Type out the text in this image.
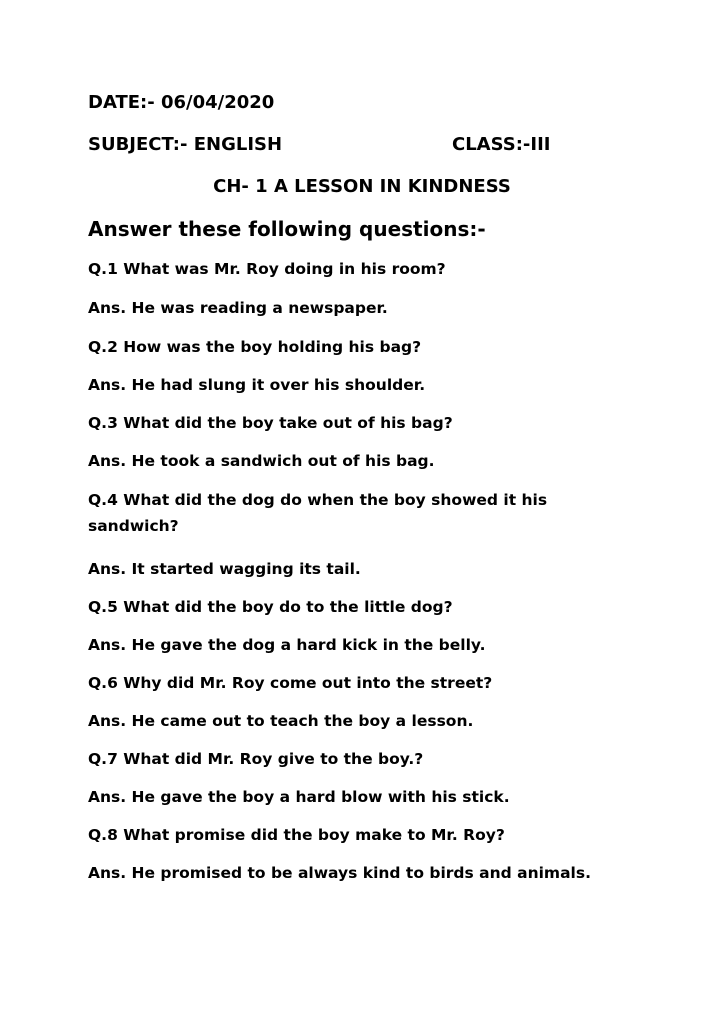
DATE:- 06/04/2020

SUBJECT:- ENGLISH	CLASS:-III

CH- 1 A LESSON IN KINDNESS

Answer these following questions:-

Q.1 What was Mr. Roy doing in his room?

Ans. He was reading a newspaper.

Q.2 How was the boy holding his bag?

Ans. He had slung it over his shoulder.

Q.3 What did the boy take out of his bag?

Ans. He took a sandwich out of his bag.

Q.4 What did the dog do when the boy showed it his sandwich?

Ans. It started wagging its tail.

Q.5 What did the boy do to the little dog?

Ans. He gave the dog a hard kick in the belly.

Q.6 Why did Mr. Roy come out into the street?

Ans. He came out to teach the boy a lesson.

Q.7 What did Mr. Roy give to the boy.?

Ans. He gave the boy a hard blow with his stick.

Q.8 What promise did the boy make to Mr. Roy?

Ans. He promised to be always kind to birds and animals.
